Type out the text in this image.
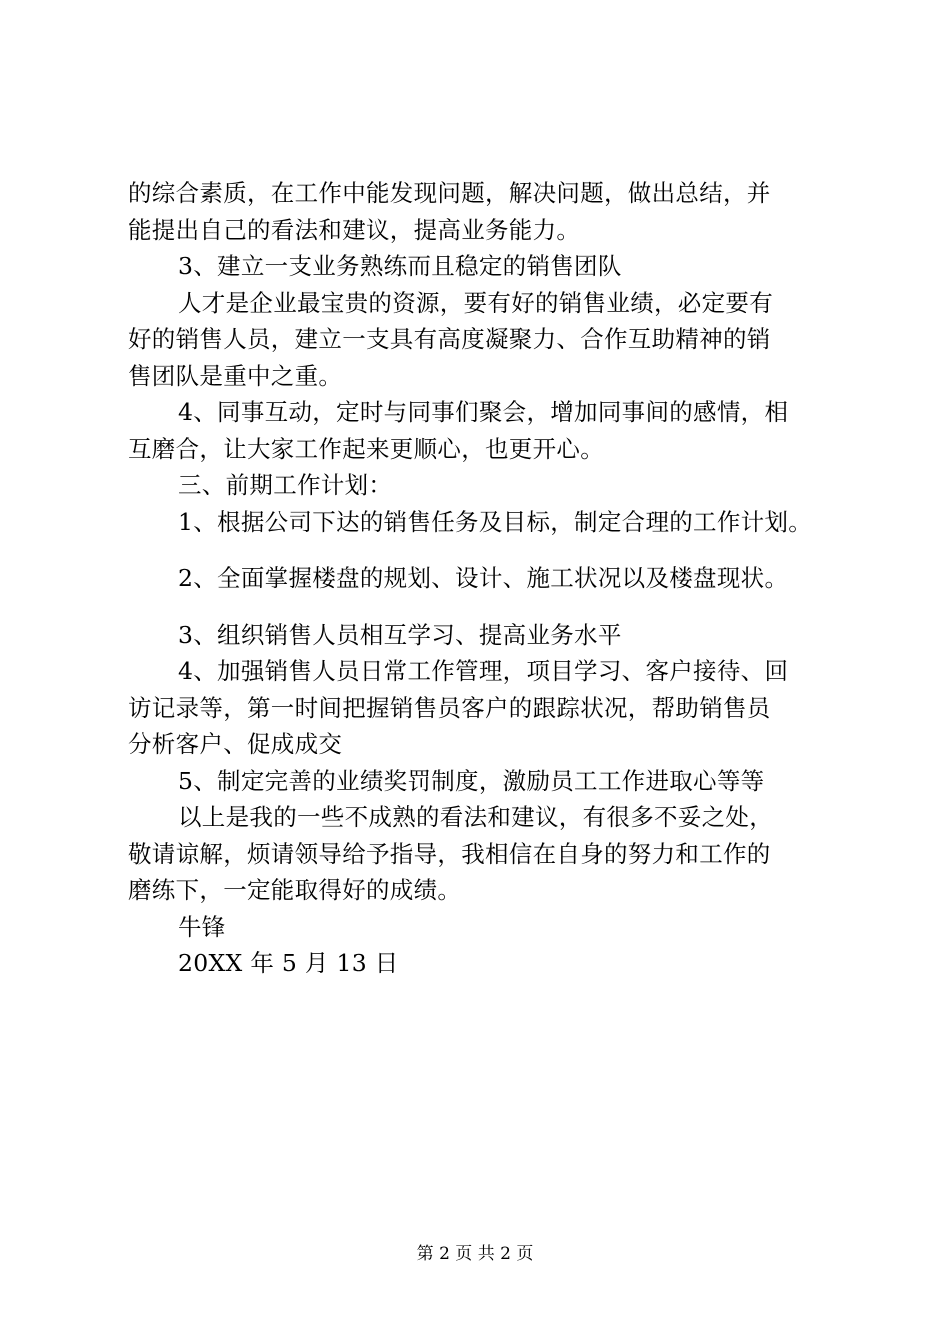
的综合素质，在工作中能发现问题，解决问题，做出总结，并
能提出自己的看法和建议，提高业务能力。
3、建立一支业务熟练而且稳定的销售团队
人才是企业最宝贵的资源，要有好的销售业绩，必定要有
好的销售人员，建立一支具有高度凝聚力、合作互助精神的销
售团队是重中之重。
4、同事互动，定时与同事们聚会，增加同事间的感情，相
互磨合，让大家工作起来更顺心，也更开心。
三、前期工作计划：
1、根据公司下达的销售任务及目标，制定合理的工作计划。
2、全面掌握楼盘的规划、设计、施工状况以及楼盘现状。
3、组织销售人员相互学习、提高业务水平
4、加强销售人员日常工作管理，项目学习、客户接待、回
访记录等，第一时间把握销售员客户的跟踪状况，帮助销售员
分析客户、促成成交
5、制定完善的业绩奖罚制度，激励员工工作进取心等等
以上是我的一些不成熟的看法和建议，有很多不妥之处，
敬请谅解，烦请领导给予指导，我相信在自身的努力和工作的
磨练下，一定能取得好的成绩。
牛锋
20XX 年 5 月 13 日
第 2 页 共 2 页
